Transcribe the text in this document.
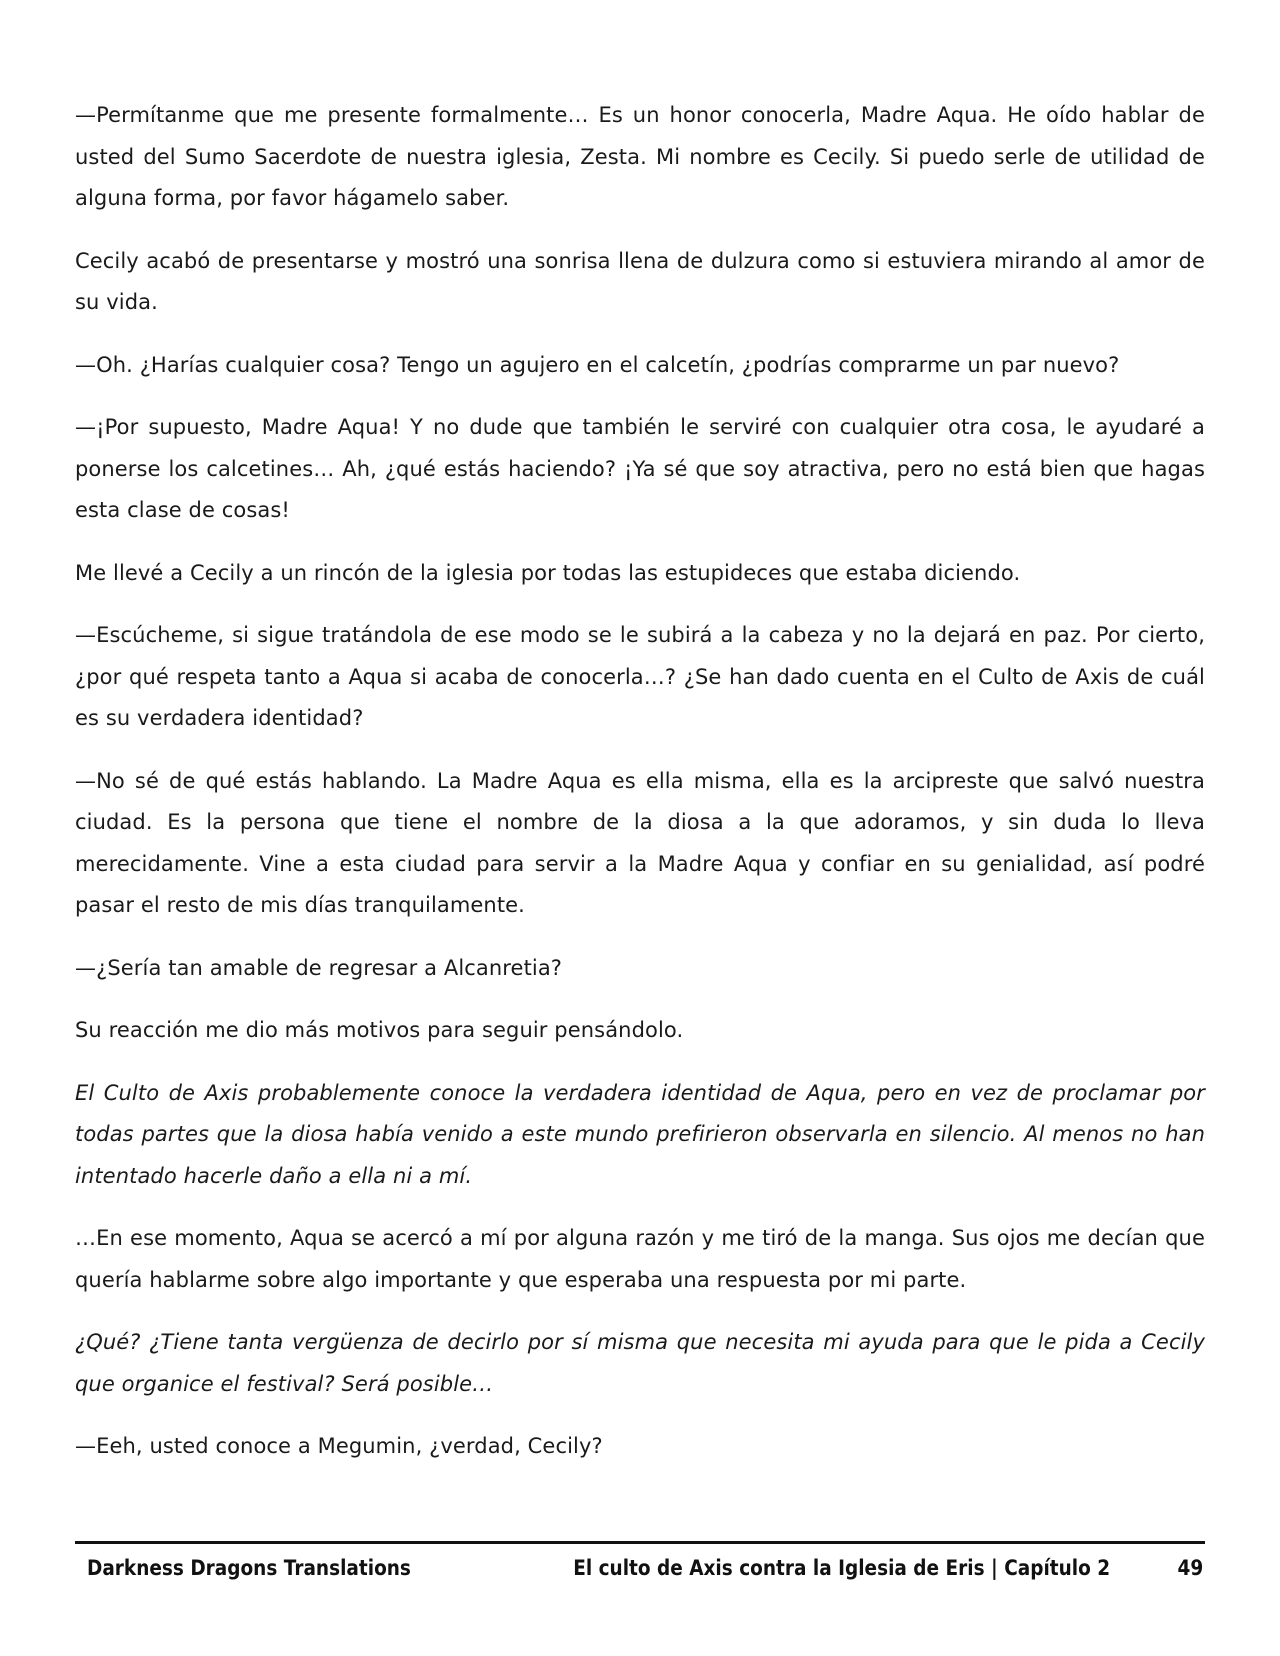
—Permítanme que me presente formalmente… Es un honor conocerla, Madre Aqua. He oído hablar de usted del Sumo Sacerdote de nuestra iglesia, Zesta. Mi nombre es Cecily. Si puedo serle de utilidad de alguna forma, por favor hágamelo saber.

Cecily acabó de presentarse y mostró una sonrisa llena de dulzura como si estuviera mirando al amor de su vida.

—Oh. ¿Harías cualquier cosa? Tengo un agujero en el calcetín, ¿podrías comprarme un par nuevo?

—¡Por supuesto, Madre Aqua! Y no dude que también le serviré con cualquier otra cosa, le ayudaré a ponerse los calcetines… Ah, ¿qué estás haciendo? ¡Ya sé que soy atractiva, pero no está bien que hagas esta clase de cosas!

Me llevé a Cecily a un rincón de la iglesia por todas las estupideces que estaba diciendo.

—Escúcheme, si sigue tratándola de ese modo se le subirá a la cabeza y no la dejará en paz. Por cierto, ¿por qué respeta tanto a Aqua si acaba de conocerla…? ¿Se han dado cuenta en el Culto de Axis de cuál es su verdadera identidad?

—No sé de qué estás hablando. La Madre Aqua es ella misma, ella es la arcipreste que salvó nuestra ciudad. Es la persona que tiene el nombre de la diosa a la que adoramos, y sin duda lo lleva merecidamente. Vine a esta ciudad para servir a la Madre Aqua y confiar en su genialidad, así podré pasar el resto de mis días tranquilamente.

—¿Sería tan amable de regresar a Alcanretia?

Su reacción me dio más motivos para seguir pensándolo.

El Culto de Axis probablemente conoce la verdadera identidad de Aqua, pero en vez de proclamar por todas partes que la diosa había venido a este mundo prefirieron observarla en silencio. Al menos no han intentado hacerle daño a ella ni a mí.

…En ese momento, Aqua se acercó a mí por alguna razón y me tiró de la manga. Sus ojos me decían que quería hablarme sobre algo importante y que esperaba una respuesta por mi parte.

¿Qué? ¿Tiene tanta vergüenza de decirlo por sí misma que necesita mi ayuda para que le pida a Cecily que organice el festival? Será posible…

—Eeh, usted conoce a Megumin, ¿verdad, Cecily?

Darkness Dragons Translations	El culto de Axis contra la Iglesia de Eris | Capítulo 2	49
